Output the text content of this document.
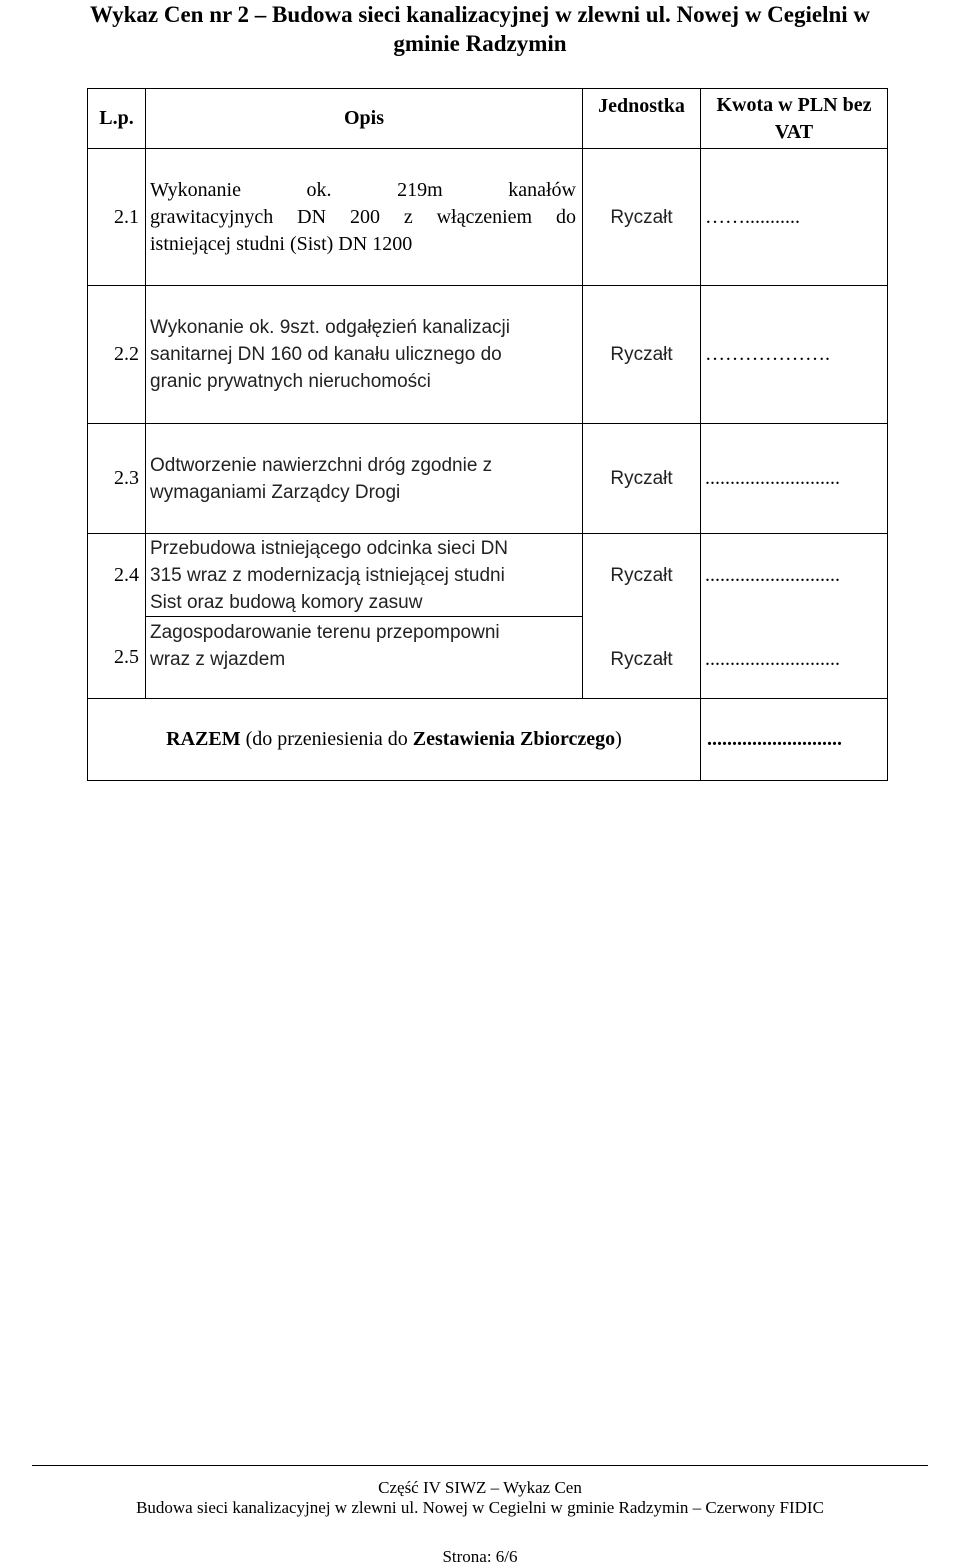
Wykaz Cen nr 2 – Budowa sieci kanalizacyjnej w zlewni ul. Nowej w Cegielni w
gminie Radzymin
L.p.	Opis	Jednostka	Kwota w PLN bez VAT
2.1	Wykonanie ok. 219m kanałów
grawitacyjnych DN 200 z włączeniem do
istniejącej studni (Sist) DN 1200	Ryczałt	……...........
2.2	Wykonanie ok. 9szt. odgałęzień kanalizacji
sanitarnej DN 160 od kanału ulicznego do
granic prywatnych nieruchomości	Ryczałt	……………….
2.3	Odtworzenie nawierzchni dróg zgodnie z
wymaganiami Zarządcy Drogi	Ryczałt	...........................
2.4	Przebudowa istniejącego odcinka sieci DN
315 wraz z modernizacją istniejącej studni
Sist oraz budową komory zasuw	Ryczałt	...........................
2.5	Zagospodarowanie terenu przepompowni
wraz z wjazdem	Ryczałt	...........................
RAZEM (do przeniesienia do Zestawienia Zbiorczego)			...........................
Część IV SIWZ – Wykaz Cen
Budowa sieci kanalizacyjnej w zlewni ul. Nowej w Cegielni w gminie Radzymin – Czerwony FIDIC
Strona: 6/6
